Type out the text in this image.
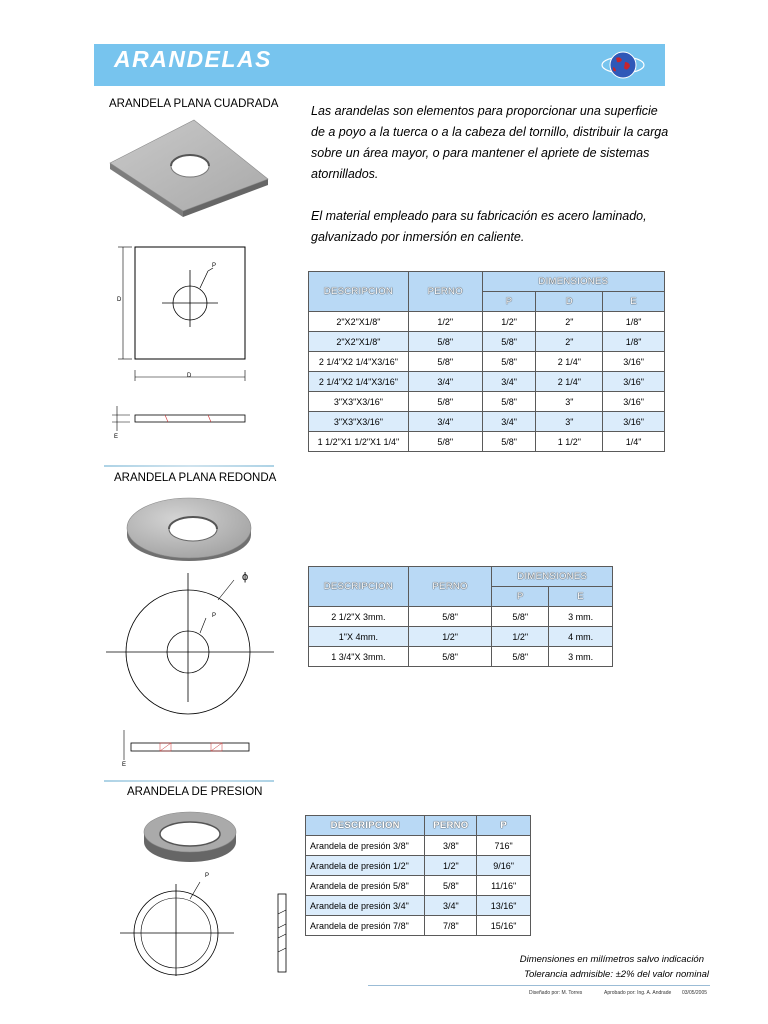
ARANDELAS

Las arandelas son elementos para proporcionar una superficie de a poyo a la tuerca o a la cabeza del tornillo, distribuir la carga sobre un área mayor, o para mantener el apriete de sistemas atornillados.

El material empleado para su fabricación es acero laminado, galvanizado por inmersión en caliente.

ARANDELA PLANA CUADRADA
P
D
D
E
DESCRIPCION	PERNO	DIMENSIONES		
		P	D	E
2"X2"X1/8"	1/2"	1/2"	2"	1/8"
2"X2"X1/8"	5/8"	5/8"	2"	1/8"
2 1/4"X2 1/4"X3/16"	5/8"	5/8"	2 1/4"	3/16"
2 1/4"X2 1/4"X3/16"	3/4"	3/4"	2 1/4"	3/16"
3"X3"X3/16"	5/8"	5/8"	3"	3/16"
3"X3"X3/16"	3/4"	3/4"	3"	3/16"
1 1/2"X1 1/2"X1 1/4"	5/8"	5/8"	1 1/2"	1/4"
ARANDELA PLANA REDONDA
ϕ
P
E
DESCRIPCION	PERNO	DIMENSIONES	
		P	E
2 1/2"X 3mm.	5/8"	5/8"	3 mm.
1"X 4mm.	1/2"	1/2"	4 mm.
1 3/4"X 3mm.	5/8"	5/8"	3 mm.
ARANDELA DE PRESION
P
DESCRIPCION	PERNO	P
Arandela de presión 3/8"	3/8"	716"
Arandela de presión 1/2"	1/2"	9/16"
Arandela de presión 5/8"	5/8"	11/16"
Arandela de presión 3/4"	3/4"	13/16"
Arandela de presión 7/8"	7/8"	15/16"
Dimensiones en milímetros salvo indicación
Tolerancia admisible: ±2% del valor nominal
Diseñado por: M. Torres	Aprobado por: Ing. A. Andrade 03/05/2005
